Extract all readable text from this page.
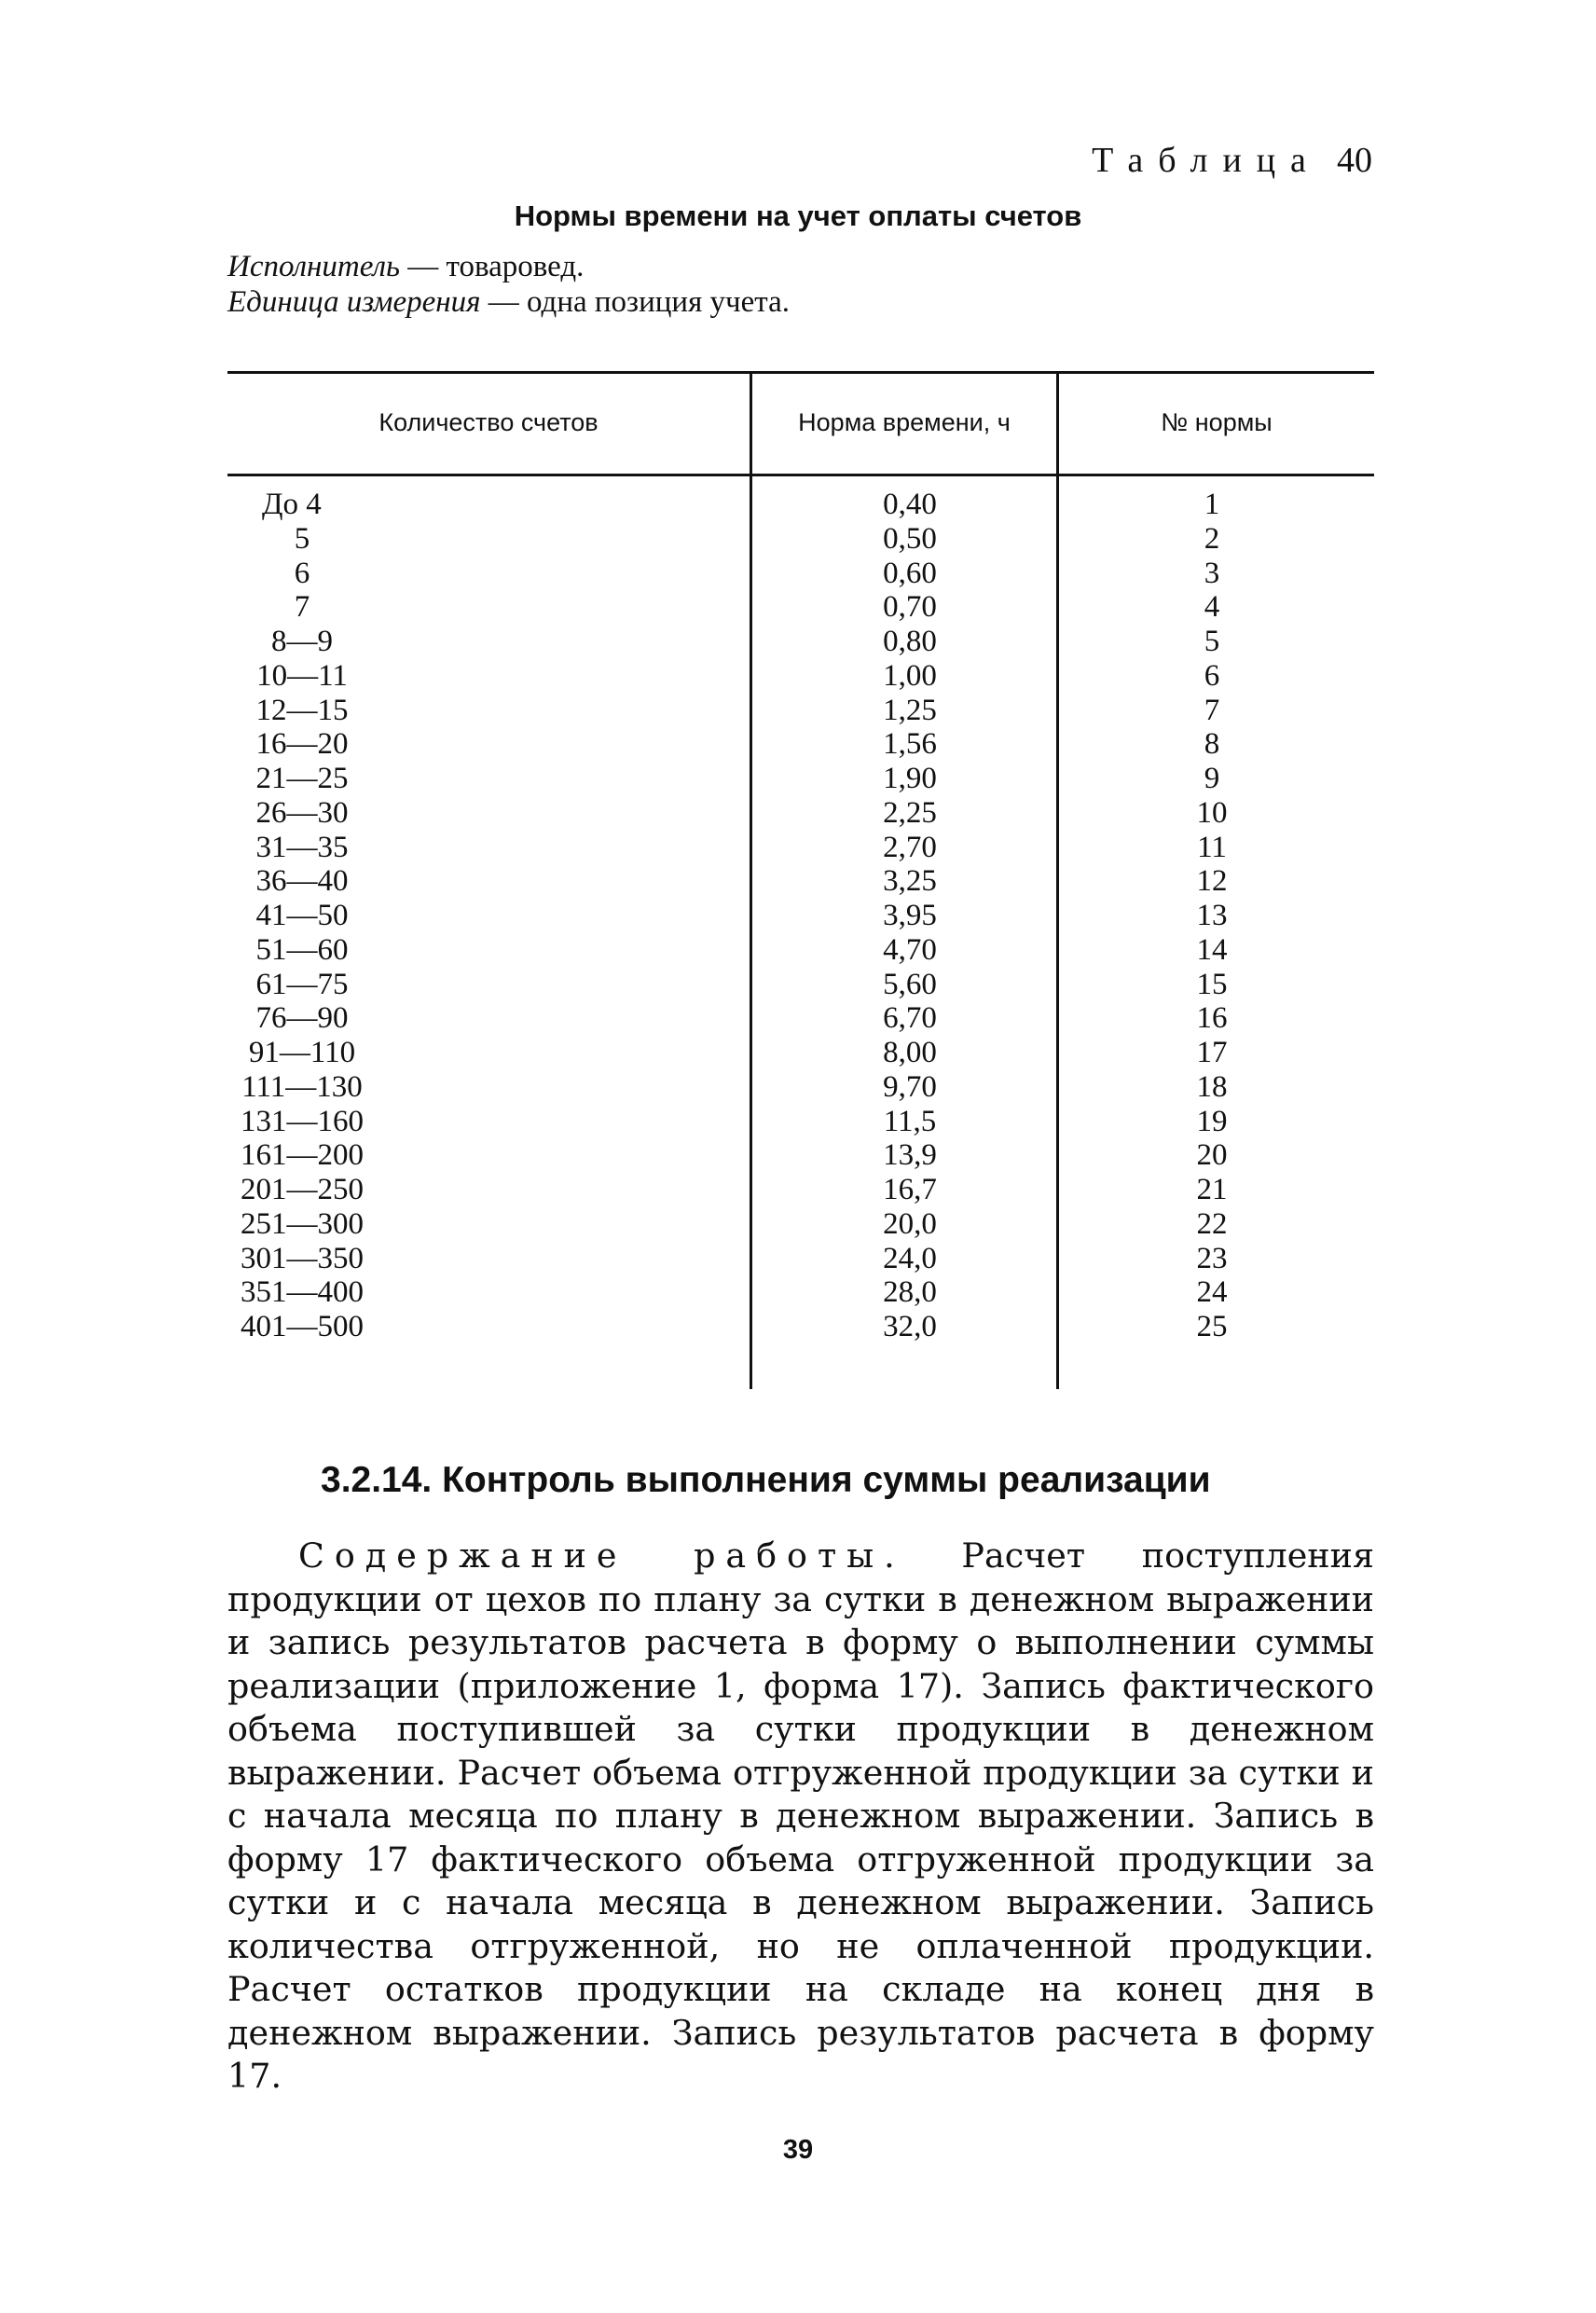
Таблица 40
Нормы времени на учет оплаты счетов
Исполнитель — товаровед.
Единица измерения — одна позиция учета.
Количество счетов	Норма времени, ч	№ нормы
До 4	0,40	1
5	0,50	2
6	0,60	3
7	0,70	4
8—9	0,80	5
10—11	1,00	6
12—15	1,25	7
16—20	1,56	8
21—25	1,90	9
26—30	2,25	10
31—35	2,70	11
36—40	3,25	12
41—50	3,95	13
51—60	4,70	14
61—75	5,60	15
76—90	6,70	16
91—110	8,00	17
111—130	9,70	18
131—160	11,5	19
161—200	13,9	20
201—250	16,7	21
251—300	20,0	22
301—350	24,0	23
351—400	28,0	24
401—500	32,0	25
3.2.14. Контроль выполнения суммы реализации
Содержание работы. Расчет поступления продукции от цехов по плану за сутки в денежном выражении и запись результатов расчета в форму о выполнении суммы реализации (приложение 1, форма 17). Запись фактического объема поступившей за сутки продукции в денежном выражении. Расчет объема отгруженной продукции за сутки и с начала месяца по плану в денежном выражении. Запись в форму 17 фактического объема отгруженной продукции за сутки и с начала месяца в денежном выражении. Запись количества отгруженной, но не оплаченной продукции. Расчет остатков продукции на складе на конец дня в денежном выражении. Запись результатов расчета в форму 17.
39
